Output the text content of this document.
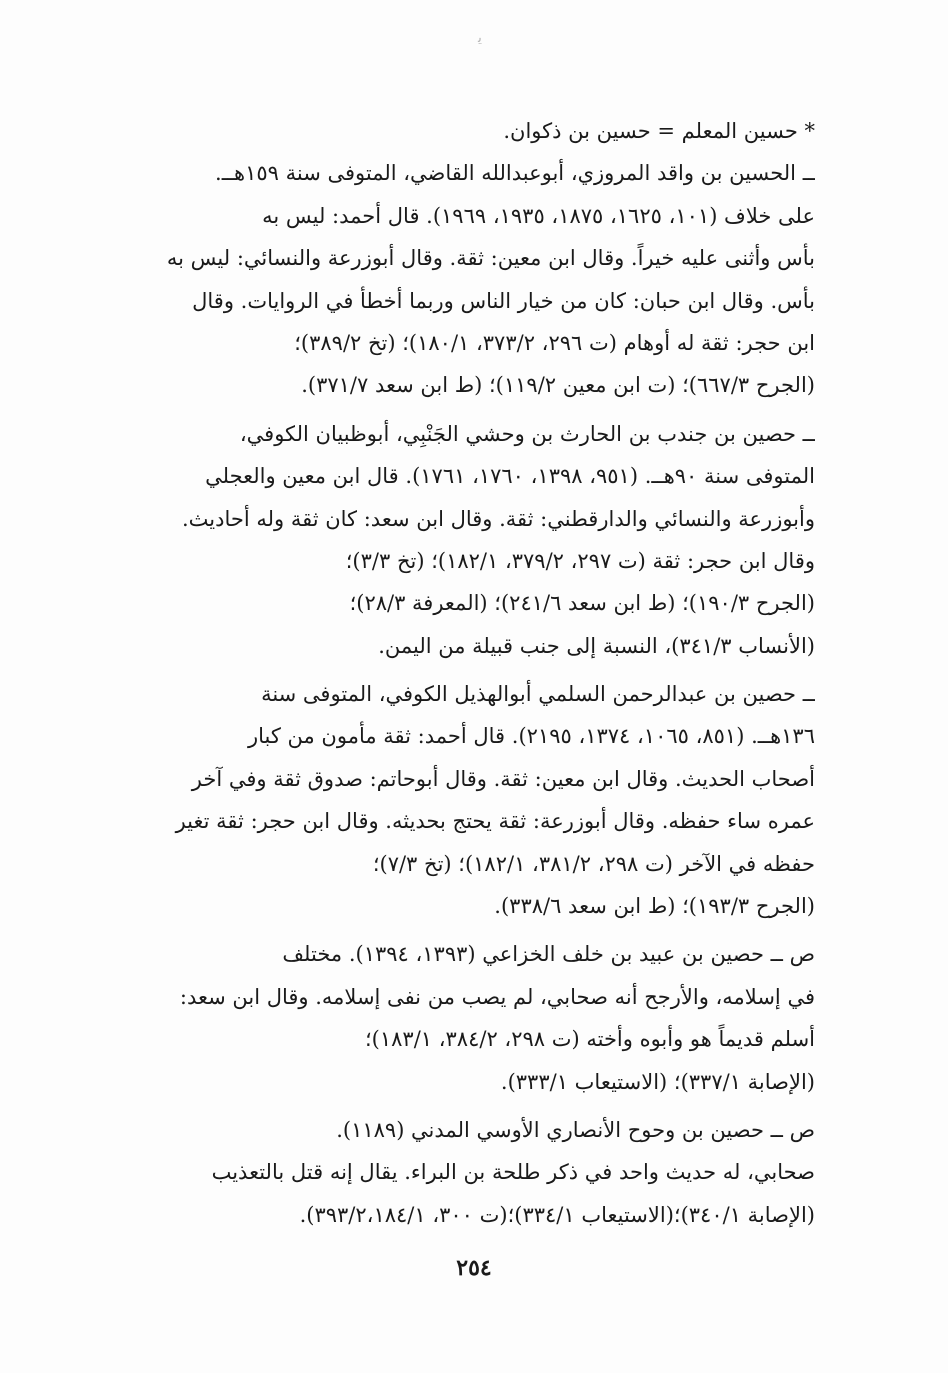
ﯾ
* حسين المعلم = حسين بن ذكوان.
ــ الحسين بن واقد المروزي، أبوعبدالله القاضي، المتوفى سنة ١٥٩هــ.
على خلاف (١٠١، ١٦٢٥، ١٨٧٥، ١٩٣٥، ١٩٦٩). قال أحمد: ليس به
بأس وأثنى عليه خيراً. وقال ابن معين: ثقة. وقال أبوزرعة والنسائي: ليس به
بأس. وقال ابن حبان: كان من خيار الناس وربما أخطأ في الروايات. وقال
ابن حجر: ثقة له أوهام (ت ٢٩٦، ٣٧٣/٢، ١٨٠/١)؛ (تخ ٣٨٩/٢)؛
(الجرح ٦٦٧/٣)؛ (ت ابن معين ١١٩/٢)؛ (ط ابن سعد ٣٧١/٧).
ــ حصين بن جندب بن الحارث بن وحشي الجَنْبِي، أبوظبيان الكوفي،
المتوفى سنة ٩٠هــ. (٩٥١، ١٣٩٨، ١٧٦٠، ١٧٦١). قال ابن معين والعجلي
وأبوزرعة والنسائي والدارقطني: ثقة. وقال ابن سعد: كان ثقة وله أحاديث.
وقال ابن حجر: ثقة (ت ٢٩٧، ٣٧٩/٢، ١٨٢/١)؛ (تخ ٣/٣)؛
(الجرح ١٩٠/٣)؛ (ط ابن سعد ٢٤١/٦)؛ (المعرفة ٢٨/٣)؛
(الأنساب ٣٤١/٣)، النسبة إلى جنب قبيلة من اليمن.
ــ حصين بن عبدالرحمن السلمي أبوالهذيل الكوفي، المتوفى سنة
١٣٦هــ. (٨٥١، ١٠٦٥، ١٣٧٤، ٢١٩٥). قال أحمد: ثقة مأمون من كبار
أصحاب الحديث. وقال ابن معين: ثقة. وقال أبوحاتم: صدوق ثقة وفي آخر
عمره ساء حفظه. وقال أبوزرعة: ثقة يحتج بحديثه. وقال ابن حجر: ثقة تغير
حفظه في الآخر (ت ٢٩٨، ٣٨١/٢، ١٨٢/١)؛ (تخ ٧/٣)؛
(الجرح ١٩٣/٣)؛ (ط ابن سعد ٣٣٨/٦).
ص ــ حصين بن عبيد بن خلف الخزاعي (١٣٩٣، ١٣٩٤). مختلف
في إسلامه، والأرجح أنه صحابي، لم يصب من نفى إسلامه. وقال ابن سعد:
أسلم قديماً هو وأبوه وأخته (ت ٢٩٨، ٣٨٤/٢، ١٨٣/١)؛
(الإصابة ٣٣٧/١)؛ (الاستيعاب ٣٣٣/١).
ص ــ حصين بن وحوح الأنصاري الأوسي المدني (١١٨٩).
صحابي، له حديث واحد في ذكر طلحة بن البراء. يقال إنه قتل بالتعذيب
(الإصابة ٣٤٠/١)؛(الاستيعاب ٣٣٤/١)؛(ت ٣٠٠، ٣٩٣/٢،١٨٤/١).
٢٥٤
